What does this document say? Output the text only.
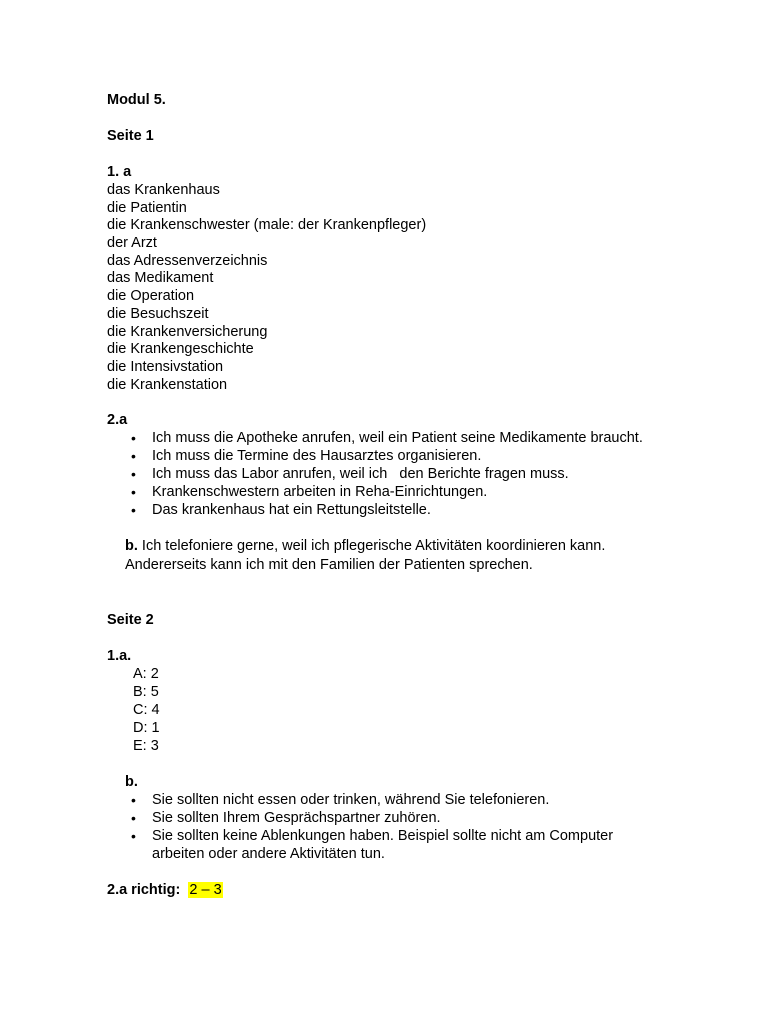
Modul 5.

Seite 1

1. a

das Krankenhaus

die Patientin

die Krankenschwester (male: der Krankenpfleger)

der Arzt

das Adressenverzeichnis

das Medikament

die Operation

die Besuchszeit

die Krankenversicherung

die Krankengeschichte

die Intensivstation

die Krankenstation

2.a

• Ich muss die Apotheke anrufen, weil ein Patient seine Medikamente braucht.
• Ich muss die Termine des Hausarztes organisieren.
• Ich muss das Labor anrufen, weil ich   den Berichte fragen muss.
• Krankenschwestern arbeiten in Reha-Einrichtungen.
• Das krankenhaus hat ein Rettungsleitstelle.

b. Ich telefoniere gerne, weil ich pflegerische Aktivitäten koordinieren kann. Andererseits kann ich mit den Familien der Patienten sprechen.

Seite 2

1.a.

A: 2

B: 5

C: 4

D: 1

E: 3

b.

• Sie sollten nicht essen oder trinken, während Sie telefonieren.
• Sie sollten Ihrem Gesprächspartner zuhören.
• Sie sollten keine Ablenkungen haben. Beispiel sollte nicht am Computer arbeiten oder andere Aktivitäten tun.

2.a richtig: 2 – 3
